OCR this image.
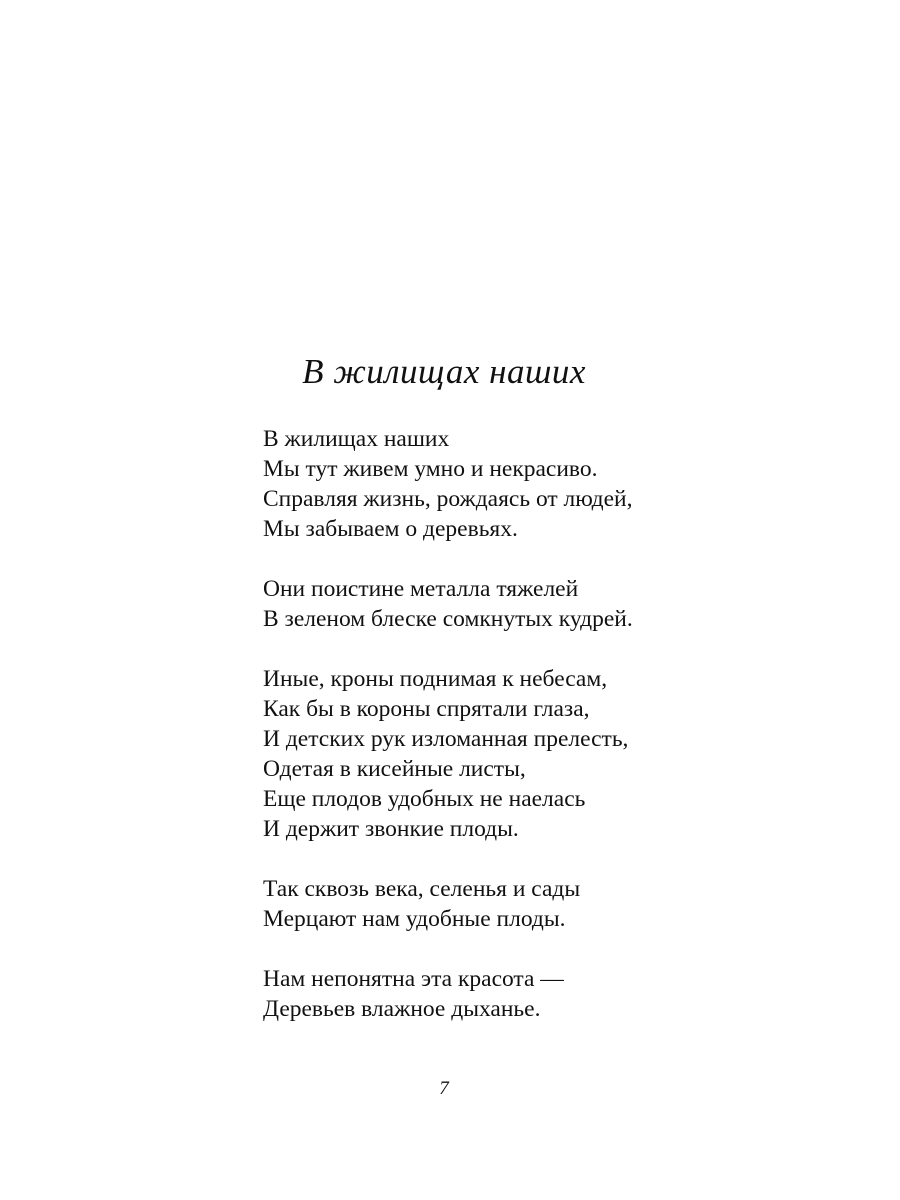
В жилищах наших
В жилищах наших
Мы тут живем умно и некрасиво.
Справляя жизнь, рождаясь от людей,
Мы забываем о деревьях.
Они поистине металла тяжелей
В зеленом блеске сомкнутых кудрей.
Иные, кроны поднимая к небесам,
Как бы в короны спрятали глаза,
И детских рук изломанная прелесть,
Одетая в кисейные листы,
Еще плодов удобных не наелась
И держит звонкие плоды.
Так сквозь века, селенья и сады
Мерцают нам удобные плоды.
Нам непонятна эта красота —
Деревьев влажное дыханье.
7
